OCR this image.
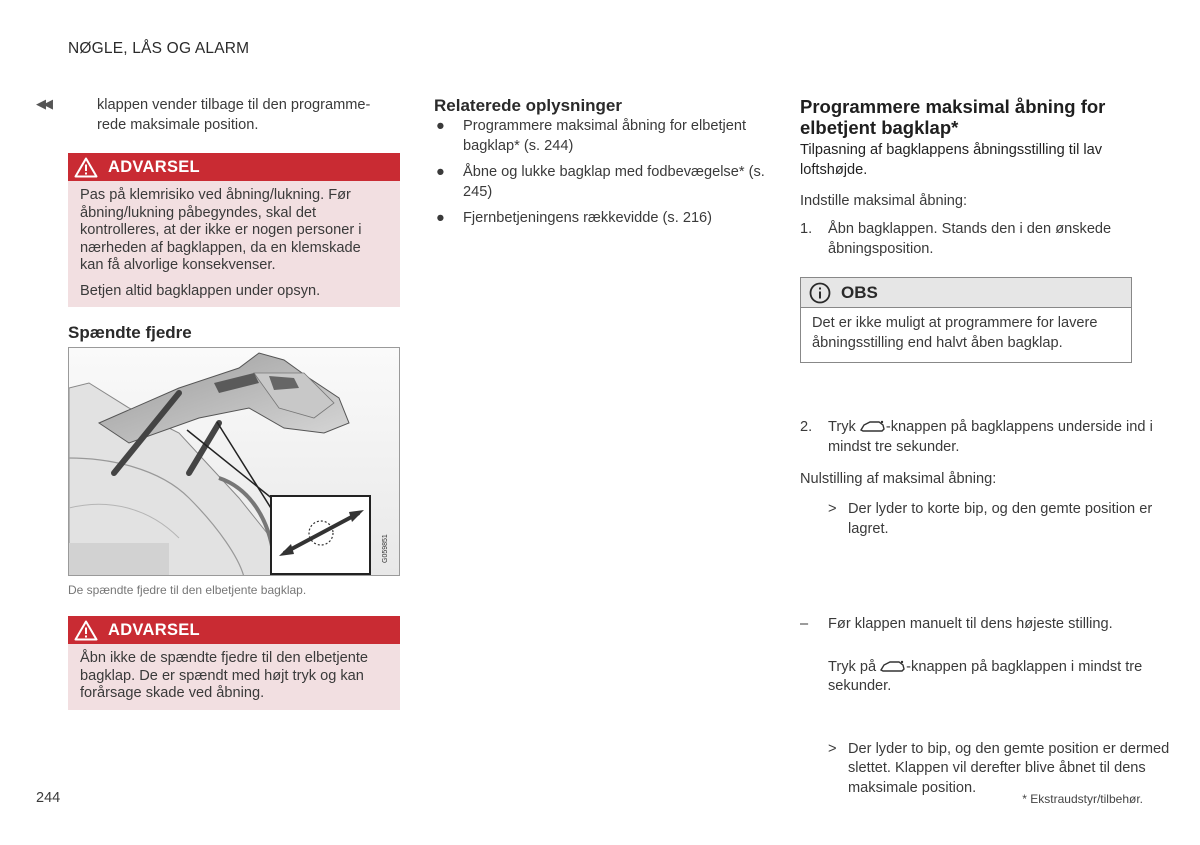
NØGLE, LÅS OG ALARM
◀◀	klappen vender tilbage til den programme-
rede maksimale position.
ADVARSEL

Pas på klemrisiko ved åbning/lukning. Før åbning/lukning påbegyndes, skal det kontrolleres, at der ikke er nogen personer i nærheden af bagklappen, da en klemskade kan få alvorlige konsekvenser.

Betjen altid bagklappen under opsyn.

Spændte fjedre
G059851
De spændte fjedre til den elbetjente bagklap.
ADVARSEL

Åbn ikke de spændte fjedre til den elbetjente bagklap. De er spændt med højt tryk og kan forårsage skade ved åbning.

Relaterede oplysninger
● Programmere maksimal åbning for elbetjent bagklap* (s. 244)
● Åbne og lukke bagklap med fodbevægelse* (s. 245)
● Fjernbetjeningens rækkevidde (s. 216)
Programmere maksimal åbning for
elbetjent bagklap*
Tilpasning af bagklappens åbningsstilling til lav loftshøjde.
Indstille maksimal åbning:
1. Åbn bagklappen. Stands den i den ønskede åbningsposition.
OBS
Det er ikke muligt at programmere for lavere åbningsstilling end halvt åben bagklap.
2. Tryk -knappen på bagklappens underside ind i mindst tre sekunder.
> Der lyder to korte bip, og den gemte position er lagret.
Nulstilling af maksimal åbning:
– Før klappen manuelt til dens højeste stilling.
Tryk på -knappen på bagklappen i mindst tre sekunder.
> Der lyder to bip, og den gemte position er dermed slettet. Klappen vil derefter blive åbnet til dens maksimale position.
244	* Ekstraudstyr/tilbehør.
